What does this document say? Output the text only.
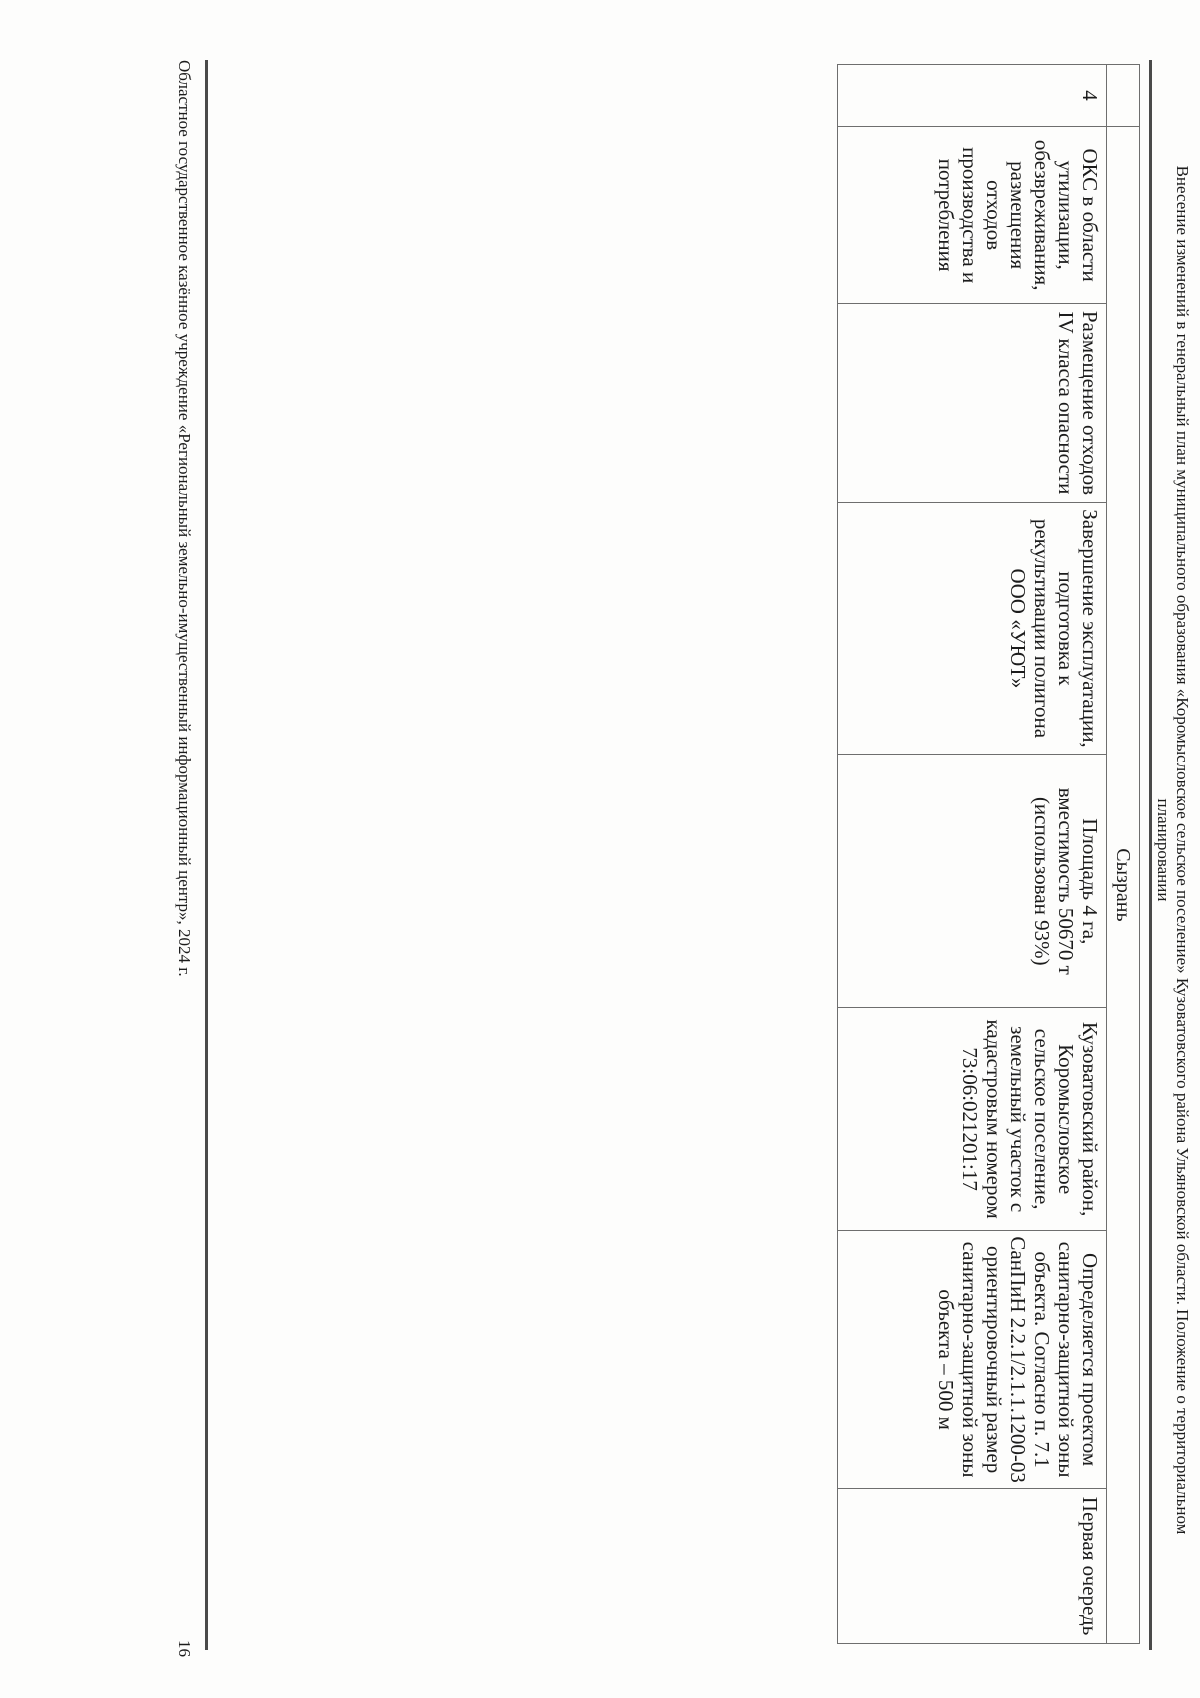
Внесение изменений в генеральный план муниципального образования «Коромысловское сельское поселение» Кузоватовского района Ульяновской области. Положение о территориальном
планировании
	Сызрань						
4	ОКС в области утилизации, обезвреживания, размещения отходов производства и потребления	Размещение отходов IV класса опасности	Завершение эксплуатации, подготовка к рекультивации полигона ООО «УЮТ»	Площадь 4 га, вместимость 50670 т (использован 93%)	Кузоватовский район, Коромысловское сельское поселение, земельный участок с кадастровым номером 73:06:021201:17	Определяется проектом санитарно-защитной зоны объекта. Согласно п. 7.1 СанПиН 2.2.1/2.1.1.1200-03 ориентировочный размер санитарно-защитной зоны объекта – 500 м	Первая очередь
Областное государственное казённое учреждение «Региональный земельно-имущественный информационный центр», 2024 г.
16
